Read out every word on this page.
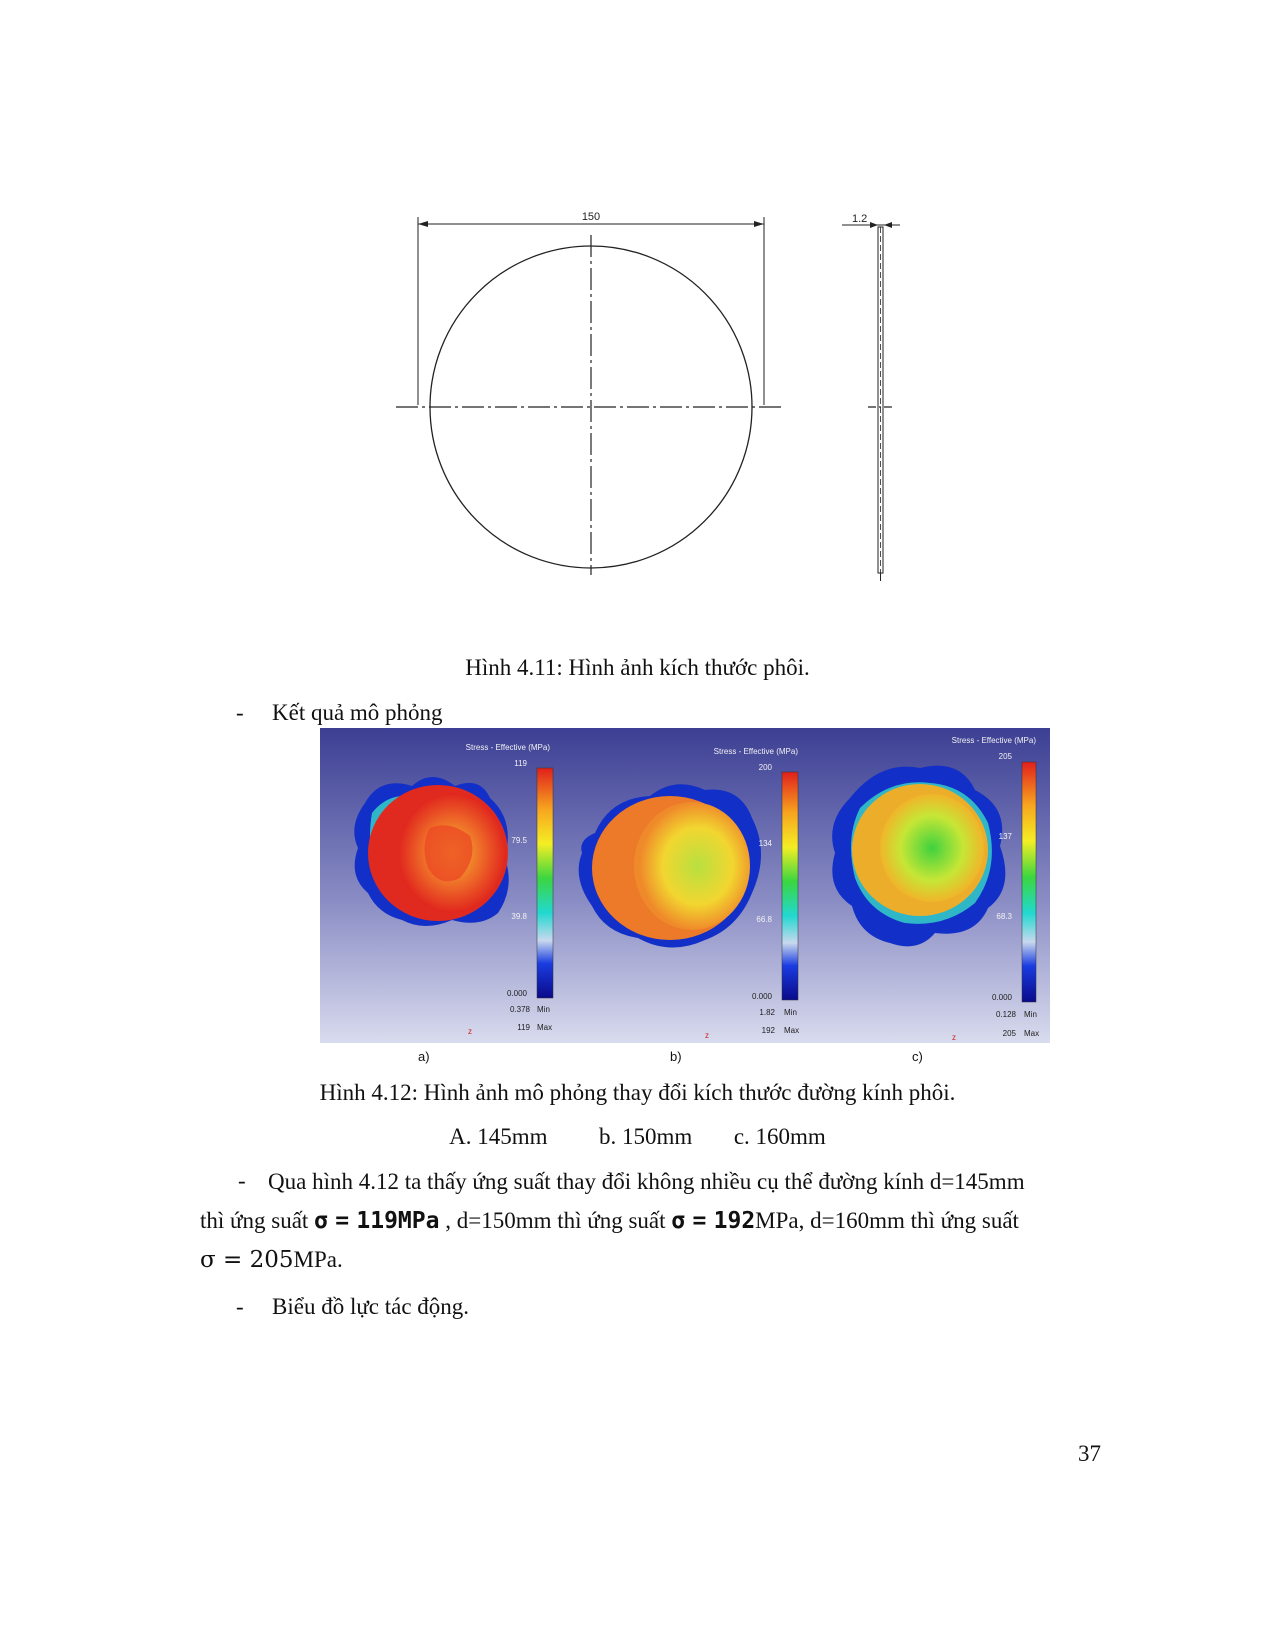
150	1.2
Hình 4.11: Hình ảnh kích thước phôi.
- Kết quả mô phỏng
Stress - Effective (MPa)
119
79.5
39.8
0.000
0.378 Min
119 Max
z
a)
Stress - Effective (MPa)
200
134
66.8
0.000
1.82 Min
192 Max
z
b)
Stress - Effective (MPa)
205
137
68.3
0.000
0.128 Min
205 Max
z
c)
Hình 4.12: Hình ảnh mô phỏng thay đổi kích thước đường kính phôi.
A. 145mm b. 150mm c. 160mm
- Qua hình 4.12 ta thấy ứng suất thay đổi không nhiều cụ thể đường kính d=145mm
thì ứng suất σ = 119MPa , d=150mm thì ứng suất σ = 192MPa, d=160mm thì ứng suất
σ = 205MPa.
- Biểu đồ lực tác động.
37
